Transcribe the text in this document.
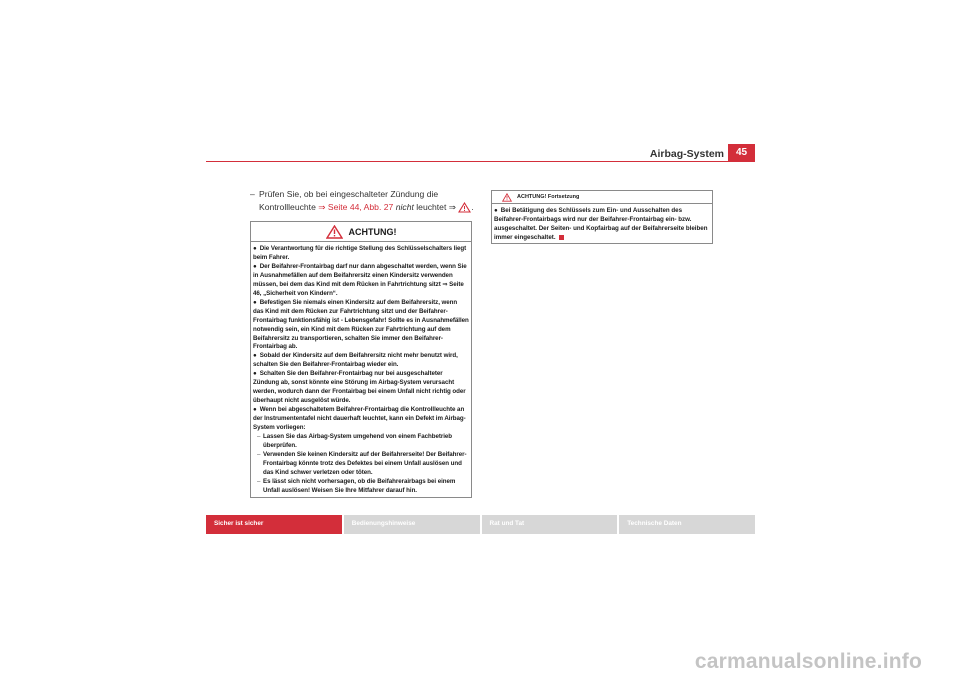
Airbag-System	45
– Prüfen Sie, ob bei eingeschalteter Zündung die Kontrollleuchte ⇒ Seite 44, Abb. 27 nicht leuchtet ⇒ .
ACHTUNG!

● Die Verantwortung für die richtige Stellung des Schlüsselschalters liegt beim Fahrer.

● Der Beifahrer-Frontairbag darf nur dann abgeschaltet werden, wenn Sie in Ausnahmefällen auf dem Beifahrersitz einen Kindersitz verwenden müssen, bei dem das Kind mit dem Rücken in Fahrtrichtung sitzt ⇒ Seite 46, „Sicherheit von Kindern“.

● Befestigen Sie niemals einen Kindersitz auf dem Beifahrersitz, wenn das Kind mit dem Rücken zur Fahrtrichtung sitzt und der Beifahrer-Frontairbag funktionsfähig ist - Lebensgefahr! Sollte es in Ausnahmefällen notwendig sein, ein Kind mit dem Rücken zur Fahrtrichtung auf dem Beifahrersitz zu transportieren, schalten Sie immer den Beifahrer-Frontairbag ab.

● Sobald der Kindersitz auf dem Beifahrersitz nicht mehr benutzt wird, schalten Sie den Beifahrer-Frontairbag wieder ein.

● Schalten Sie den Beifahrer-Frontairbag nur bei ausgeschalteter Zündung ab, sonst könnte eine Störung im Airbag-System verursacht werden, wodurch dann der Frontairbag bei einem Unfall nicht richtig oder überhaupt nicht ausgelöst würde.

● Wenn bei abgeschaltetem Beifahrer-Frontairbag die Kontrollleuchte an der Instrumententafel nicht dauerhaft leuchtet, kann ein Defekt im Airbag-System vorliegen:

– Lassen Sie das Airbag-System umgehend von einem Fachbetrieb überprüfen.
– Verwenden Sie keinen Kindersitz auf der Beifahrerseite! Der Beifahrer-Frontairbag könnte trotz des Defektes bei einem Unfall auslösen und das Kind schwer verletzen oder töten.
– Es lässt sich nicht vorhersagen, ob die Beifahrerairbags bei einem Unfall auslösen! Weisen Sie Ihre Mitfahrer darauf hin.
ACHTUNG! Fortsetzung

● Bei Betätigung des Schlüssels zum Ein- und Ausschalten des Beifahrer-Frontairbags wird nur der Beifahrer-Frontairbag ein- bzw. ausgeschaltet. Der Seiten- und Kopfairbag auf der Beifahrerseite bleiben immer eingeschaltet.

Sicher ist sicher	Bedienungshinweise	Rat und Tat	Technische Daten
carmanualsonline.info
